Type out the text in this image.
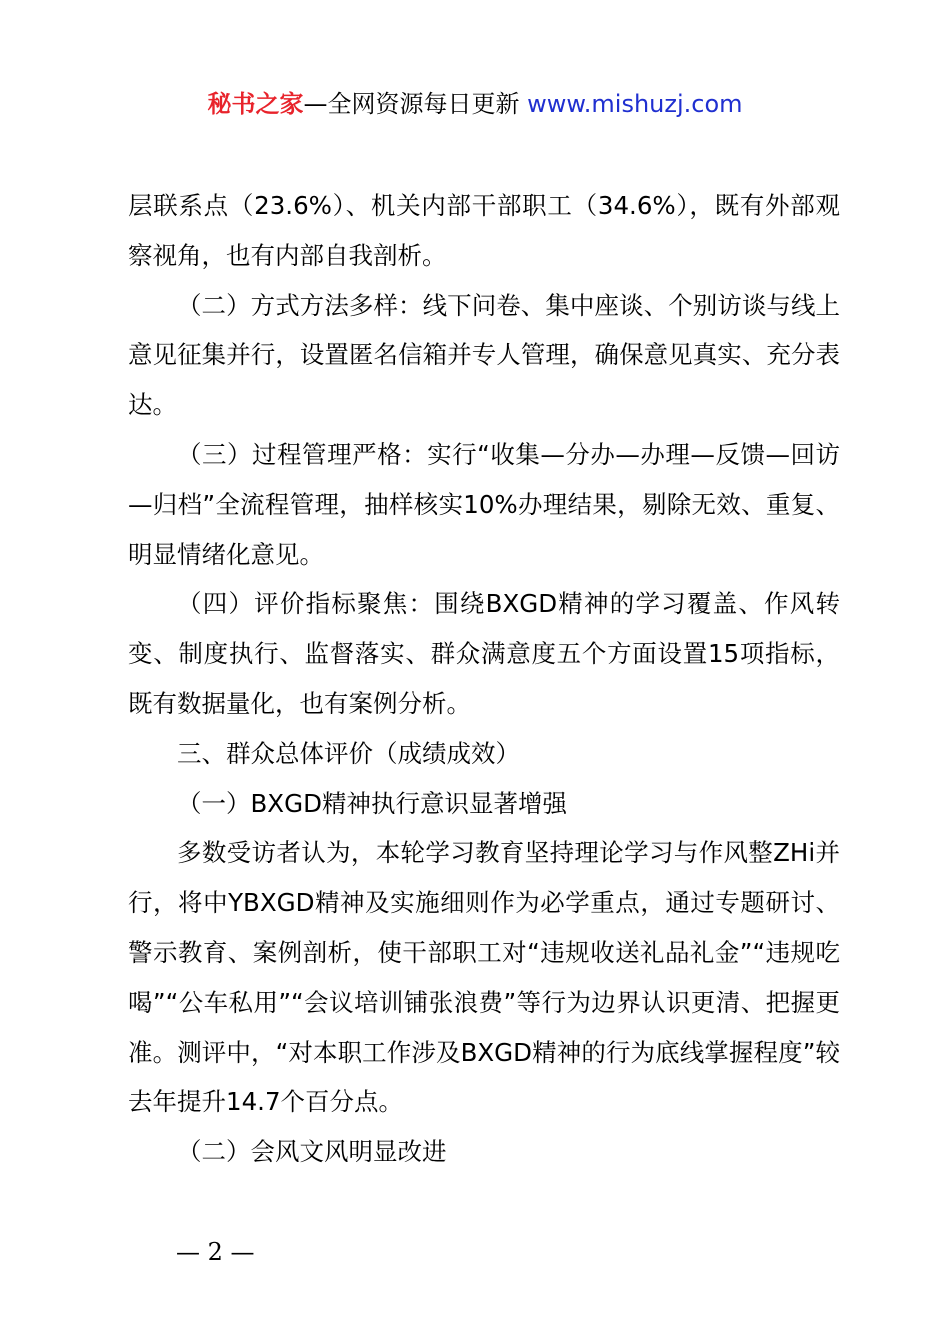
秘书之家—全网资源每日更新 www.mishuzj.com

层联系点（23.6%）、机关内部干部职工（34.6%），既有外部观察视角，也有内部自我剖析。

（二）方式方法多样：线下问卷、集中座谈、个别访谈与线上意见征集并行，设置匿名信箱并专人管理，确保意见真实、充分表达。

（三）过程管理严格：实行“收集—分办—办理—反馈—回访—归档”全流程管理，抽样核实10%办理结果，剔除无效、重复、明显情绪化意见。

（四）评价指标聚焦：围绕BXGD精神的学习覆盖、作风转变、制度执行、监督落实、群众满意度五个方面设置15项指标，既有数据量化，也有案例分析。

三、群众总体评价（成绩成效）

（一）BXGD精神执行意识显著增强

多数受访者认为，本轮学习教育坚持理论学习与作风整ZHi并行，将中YBXGD精神及实施细则作为必学重点，通过专题研讨、警示教育、案例剖析，使干部职工对“违规收送礼品礼金”“违规吃喝”“公车私用”“会议培训铺张浪费”等行为边界认识更清、把握更准。测评中，“对本职工作涉及BXGD精神的行为底线掌握程度”较去年提升14.7个百分点。

（二）会风文风明显改进

— 2 —
